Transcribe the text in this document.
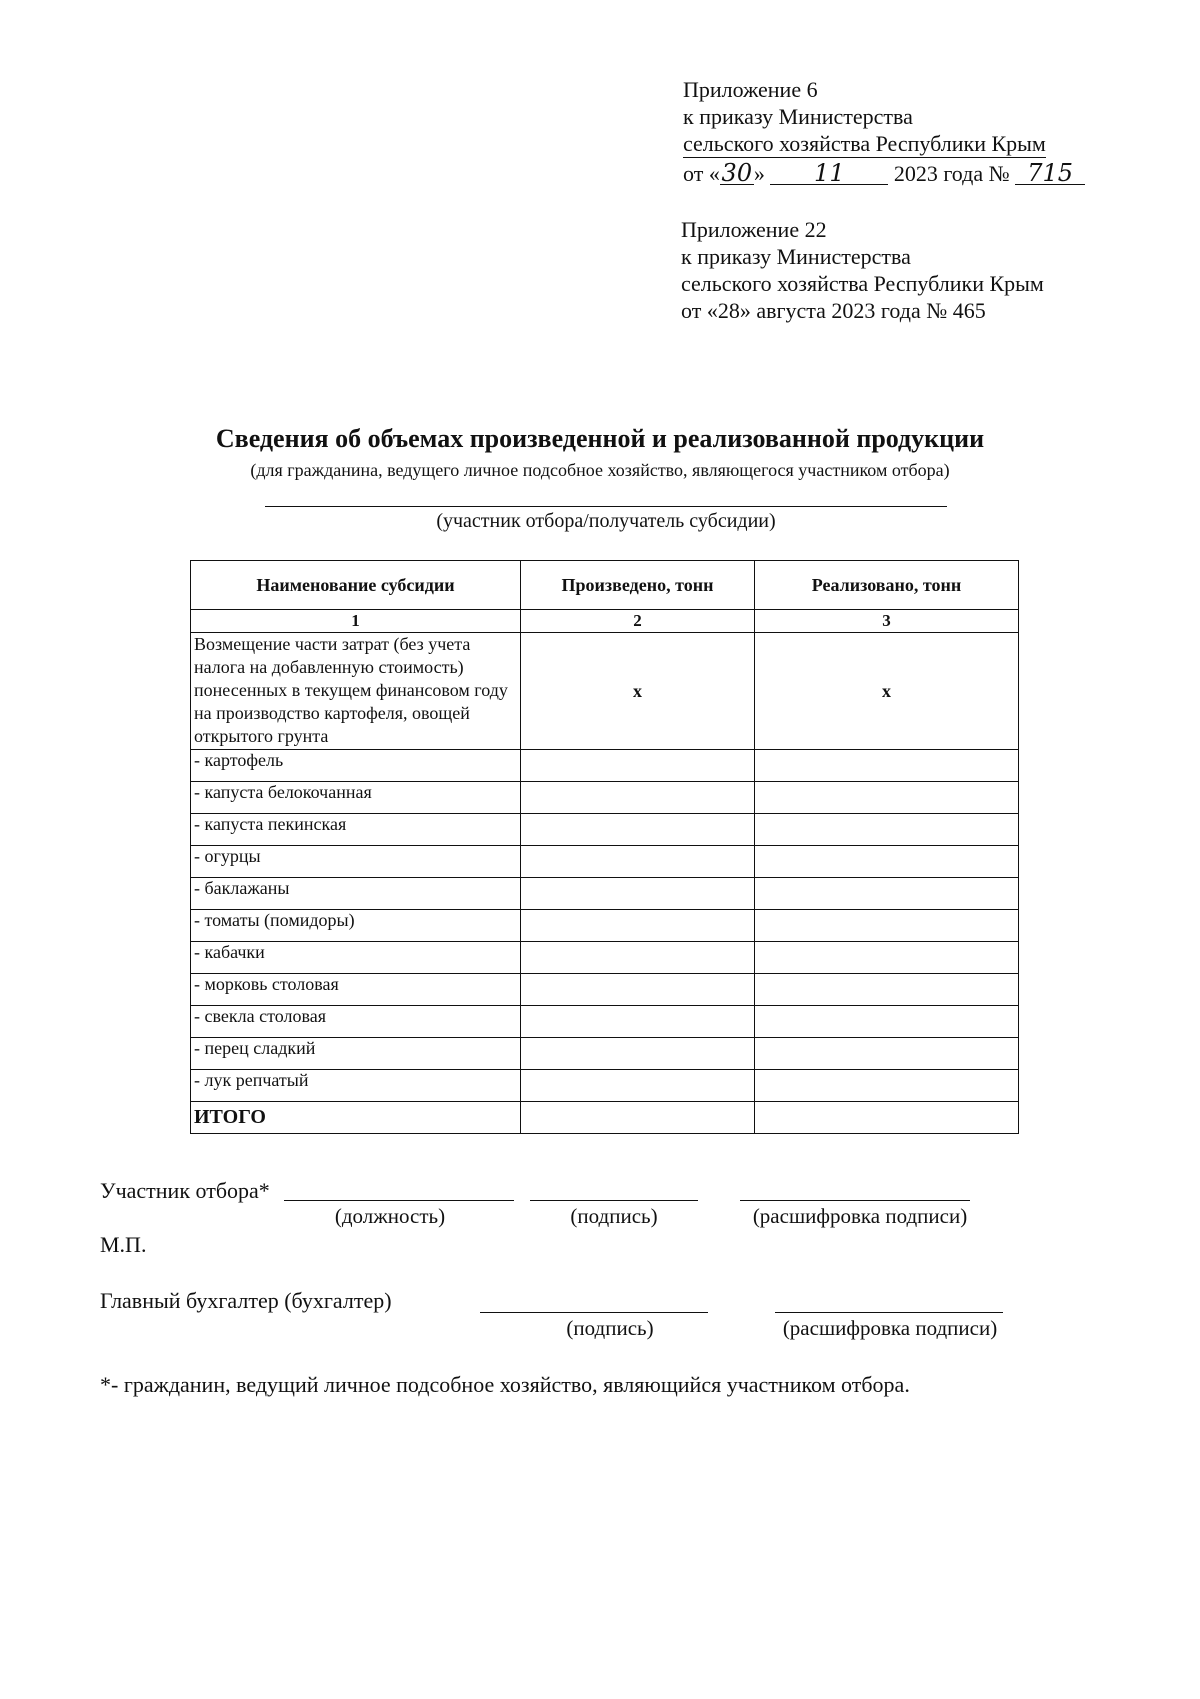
Приложение 6
к приказу Министерства
сельского хозяйства Республики Крым
от «30» 11 2023 года № 715
Приложение 22
к приказу Министерства
сельского хозяйства Республики Крым
от «28» августа 2023 года № 465
Сведения об объемах произведенной и реализованной продукции
(для гражданина, ведущего личное подсобное хозяйство, являющегося участником отбора)
(участник отбора/получатель субсидии)
Наименование субсидии	Произведено, тонн	Реализовано, тонн
1	2	3
Возмещение части затрат (без учета налога на добавленную стоимость) понесенных в текущем финансовом году на производство картофеля, овощей открытого грунта	х	х
- картофель		
- капуста белокочанная		
- капуста пекинская		
- огурцы		
- баклажаны		
- томаты (помидоры)		
- кабачки		
- морковь столовая		
- свекла столовая		
- перец сладкий		
- лук репчатый		
ИТОГО		
Участник отбора*
(должность)	(подпись)	(расшифровка подписи)
М.П.
Главный бухгалтер (бухгалтер)
(подпись)	(расшифровка подписи)
*- гражданин, ведущий личное подсобное хозяйство, являющийся участником отбора.
